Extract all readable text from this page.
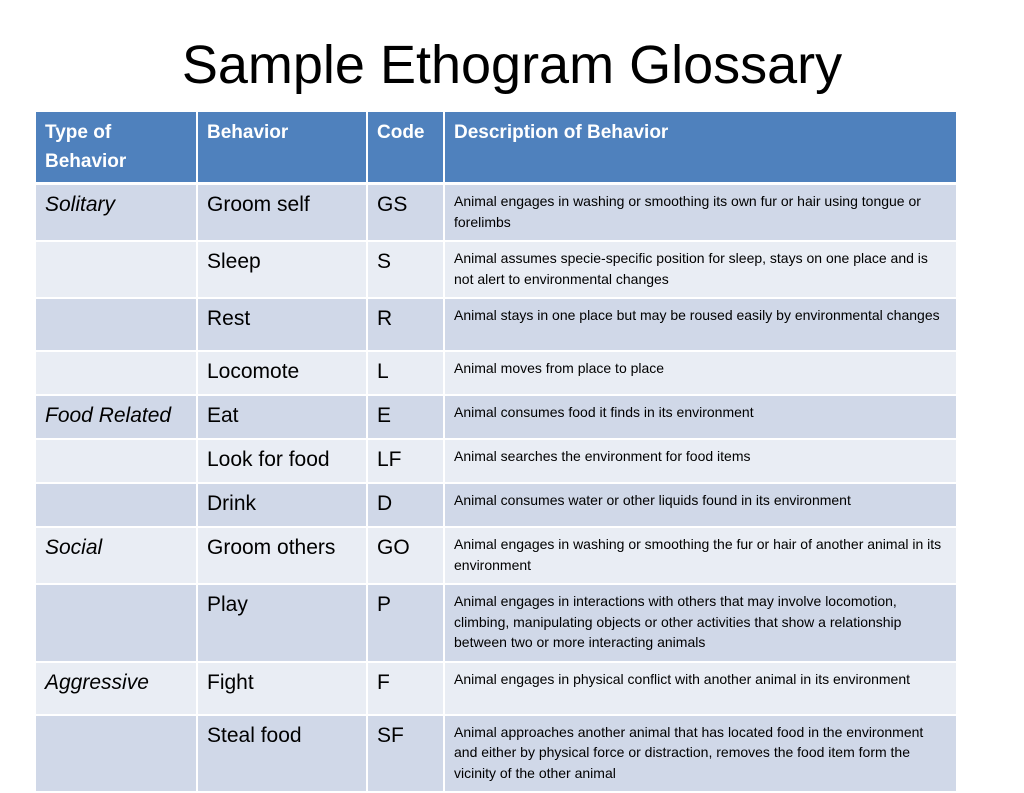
Sample Ethogram Glossary
Type of Behavior	Behavior	Code	Description of Behavior
Solitary	Groom self	GS	Animal engages in washing or smoothing its own fur or hair using tongue or forelimbs
	Sleep	S	Animal assumes specie-specific position for sleep, stays on one place and is not alert to environmental changes
	Rest	R	Animal stays in one place but may be roused easily by environmental changes
	Locomote	L	Animal moves from place to place
Food Related	Eat	E	Animal consumes food it finds in its environment
	Look for food	LF	Animal searches the environment for food items
	Drink	D	Animal consumes water or other liquids found in its environment
Social	Groom others	GO	Animal engages in washing or smoothing the fur or hair of another animal in its environment
	Play	P	Animal engages in interactions with others that may involve locomotion, climbing, manipulating objects or other activities that show a relationship between two or more interacting animals
Aggressive	Fight	F	Animal engages in physical conflict with another animal in its environment
	Steal food	SF	Animal approaches another animal that has located food in the environment and either by physical force or distraction, removes the food item form the vicinity of the other animal
